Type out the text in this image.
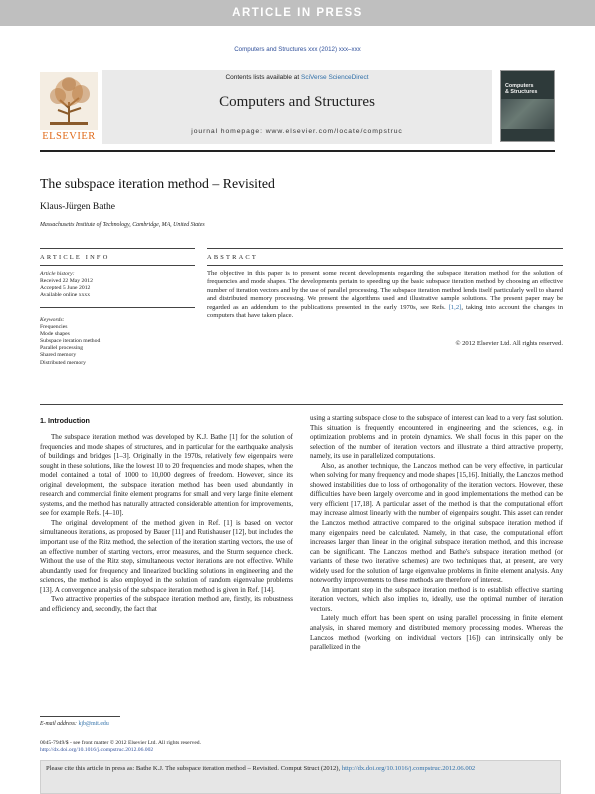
ARTICLE IN PRESS
Computers and Structures xxx (2012) xxx–xxx
ELSEVIER
Contents lists available at SciVerse ScienceDirect
Computers and Structures
journal homepage: www.elsevier.com/locate/compstruc
Computers
& Structures
The subspace iteration method – Revisited
Klaus-Jürgen Bathe
Massachusetts Institute of Technology, Cambridge, MA, United States
ARTICLE INFO	ABSTRACT
Article history:
Received 22 May 2012
Accepted 5 June 2012
Available online xxxx
Keywords:
Frequencies
Mode shapes
Subspace iteration method
Parallel processing
Shared memory
Distributed memory
The objective in this paper is to present some recent developments regarding the subspace iteration method for the solution of frequencies and mode shapes. The developments pertain to speeding up the basic subspace iteration method by choosing an effective number of iteration vectors and by the use of parallel processing. The subspace iteration method lends itself particularly well to shared and distributed memory processing. We present the algorithms used and illustrative sample solutions. The present paper may be regarded as an addendum to the publications presented in the early 1970s, see Refs. [1,2], taking into account the changes in computers that have taken place.
© 2012 Elsevier Ltd. All rights reserved.
1. Introduction

The subspace iteration method was developed by K.J. Bathe [1] for the solution of frequencies and mode shapes of structures, and in particular for the earthquake analysis of buildings and bridges [1–3]. Originally in the 1970s, relatively few eigenpairs were sought in these solutions, like the lowest 10 to 20 frequencies and mode shapes, when the model contained a total of 1000 to 10,000 degrees of freedom. However, since its original development, the subspace iteration method has been used abundantly in research and commercial finite element programs for small and very large finite element systems, and the method has naturally attracted considerable attention for improvements, see for example Refs. [4–10].

The original development of the method given in Ref. [1] is based on vector simultaneous iterations, as proposed by Bauer [11] and Rutishauser [12], but includes the important use of the Ritz method, the selection of the iteration starting vectors, the use of an effective number of starting vectors, error measures, and the Sturm sequence check. Without the use of the Ritz step, simultaneous vector iterations are not effective. While abundantly used for frequency and linearized buckling solutions in engineering and the sciences, the method is also employed in the solution of random eigenvalue problems [13]. A convergence analysis of the subspace iteration method is given in Ref. [14].

Two attractive properties of the subspace iteration method are, firstly, its robustness and efficiency and, secondly, the fact that

using a starting subspace close to the subspace of interest can lead to a very fast solution. This situation is frequently encountered in engineering and the sciences, e.g. in optimization problems and in protein dynamics. We shall focus in this paper on the selection of the number of iteration vectors and illustrate a third attractive property, namely, its use in parallelized computations.

Also, as another technique, the Lanczos method can be very effective, in particular when solving for many frequency and mode shapes [15,16]. Initially, the Lanczos method showed instabilities due to loss of orthogonality of the iteration vectors. However, these difficulties have been largely overcome and in good implementations the method can be very efficient [17,18]. A particular asset of the method is that the computational effort may increase almost linearly with the number of eigenpairs sought. This asset can render the Lanczos method attractive compared to the original subspace iteration method if many eigenpairs need be calculated. Namely, in that case, the computational effort increases larger than linear in the original subspace iteration method, and this increase can be significant. The Lanczos method and Bathe's subspace iteration method (or variants of these two iterative schemes) are two techniques that, at present, are very widely used for the solution of large eigenvalue problems in finite element analysis. Any noteworthy improvements to these methods are therefore of interest.

An important step in the subspace iteration method is to establish effective starting iteration vectors, which also implies to, ideally, use the optimal number of iteration vectors.

Lately much effort has been spent on using parallel processing in finite element analysis, in shared memory and distributed memory processing modes. Whereas the Lanczos method (working on individual vectors [16]) can intrinsically only be parallelized in the

E-mail address: kjb@mit.edu
0045-7949/$ - see front matter © 2012 Elsevier Ltd. All rights reserved.
http://dx.doi.org/10.1016/j.compstruc.2012.06.002
Please cite this article in press as: Bathe K.J. The subspace iteration method – Revisited. Comput Struct (2012), http://dx.doi.org/10.1016/j.compstruc.2012.06.002
